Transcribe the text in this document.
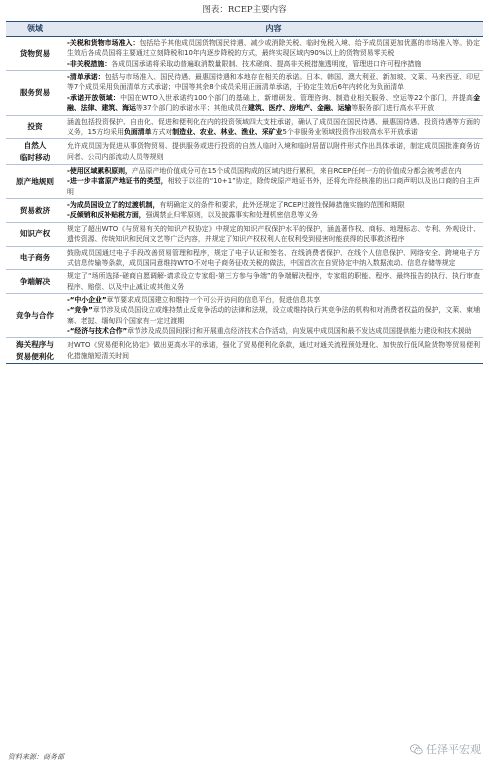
图表：RCEP主要内容
领域	内容

货物贸易	-关税和货物市场准入：包括给予其他成员国货物国民待遇、减少或消除关税、临时免税入境、给予成员国更加优惠的市场准入等。协定生效后各成员国将主要通过立刻降税和10年内逐步降税的方式，最终实现区域内90%以上的货物贸易零关税
-非关税措施：各成员国承诺将采取动普遍取消数量限制、技术磋商、提高非关税措施透明度，管理进口许可程序措施

服务贸易	-清单承诺：包括与市场准入、国民待遇、最惠国待遇和本地存在相关的承诺。日本、韩国、澳大利亚、新加坡、文莱、马来西亚、印尼等7个成员采用负面清单方式承诺；中国等其余8个成员采用正面清单承诺，于协定生效后6年内转化为负面清单
-承诺开放领域：中国在WTO入世承诺约100个部门的基础上，新增研发、管理咨询、制造业相关服务、空运等22个部门，并提高金融、法律、建筑、海运等37个部门的承诺水平；其他成员在建筑、医疗、房地产、金融、运输等服务部门进行高水平开放

投资	涵盖包括投资保护、自由化、促进和便利化在内的投资领域四大支柱承诺，确认了成员国在国民待遇、最惠国待遇、投资待遇等方面的义务，15方均采用负面清单方式对制造业、农业、林业、渔业、采矿业5个非服务业领域投资作出较高水平开放承诺

自然人
临时移动	允许成员国为促进从事货物贸易、提供服务或进行投资的自然人临时入境和临时居留以附件形式作出具体承诺，制定成员国批准商务访问者、公司内部流动人员等规则

原产地规则	-使用区域累积原则，产品原产地价值成分可在15个成员国构成的区域内进行累积，来自RCEP任何一方的价值成分都会被考虑在内
-进一步丰富原产地证书的类型，相较于以往的“10+1”协定，除传统原产地证书外，还将允许经核准的出口商声明以及出口商的自主声明

贸易救济	-为成员国设立了的过渡机制，有明确定义的条件和要求，此外还规定了RCEP过渡性保障措施实施的范围和期限
-反倾销和反补贴税方面，强调禁止归零原则，以及披露事实和处理机密信息等义务

知识产权	规定了超出WTO《与贸易有关的知识产权协定》中规定的知识产权保护水平的保护，涵盖著作权、商标、地理标志、专利、外观设计、遗传资源、传统知识和民间文艺等广泛内容，并规定了知识产权权利人在权利受到侵害时能获得的民事救济程序

电子商务	鼓励成员国通过电子手段改善贸易管理和程序，规定了电子认证和签名、在线消费者保护、在线个人信息保护、网络安全、跨境电子方式信息传输等条款，成员国同意维持WTO不对电子商务征收关税的做法，中国首次在自贸协定中纳入数据流动、信息存储等规定

争端解决	规定了“场所选择-磋商自愿调解-请求设立专家组-第三方参与争端”的争端解决程序，专家组的职能、程序、最终报告的执行、执行审查程序、赔偿、以及中止减让或其他义务

竞争与合作	-“中小企业”章节要求成员国建立和维持一个可公开访问的信息平台，促进信息共享
-“竞争”章节涉及成员国设立或维持禁止反竞争活动的法律和法规，设立或维持执行其竞争法的机构和对消费者权益的保护，文莱、柬埔寨、老挝、缅甸四个国家有一定过渡期
-“经济与技术合作”章节涉及成员国间探讨和开展重点经济技术合作活动，向发展中成员国和最不发达成员国提供能力建设和技术援助

海关程序与
贸易便利化	对WTO《贸易便利化协定》做出更高水平的承诺，强化了贸易便利化条款，通过对通关流程预处理化、加快放行低风险货物等贸易便利化措施缩短清关时间
资料来源：商务部
任泽平宏观
